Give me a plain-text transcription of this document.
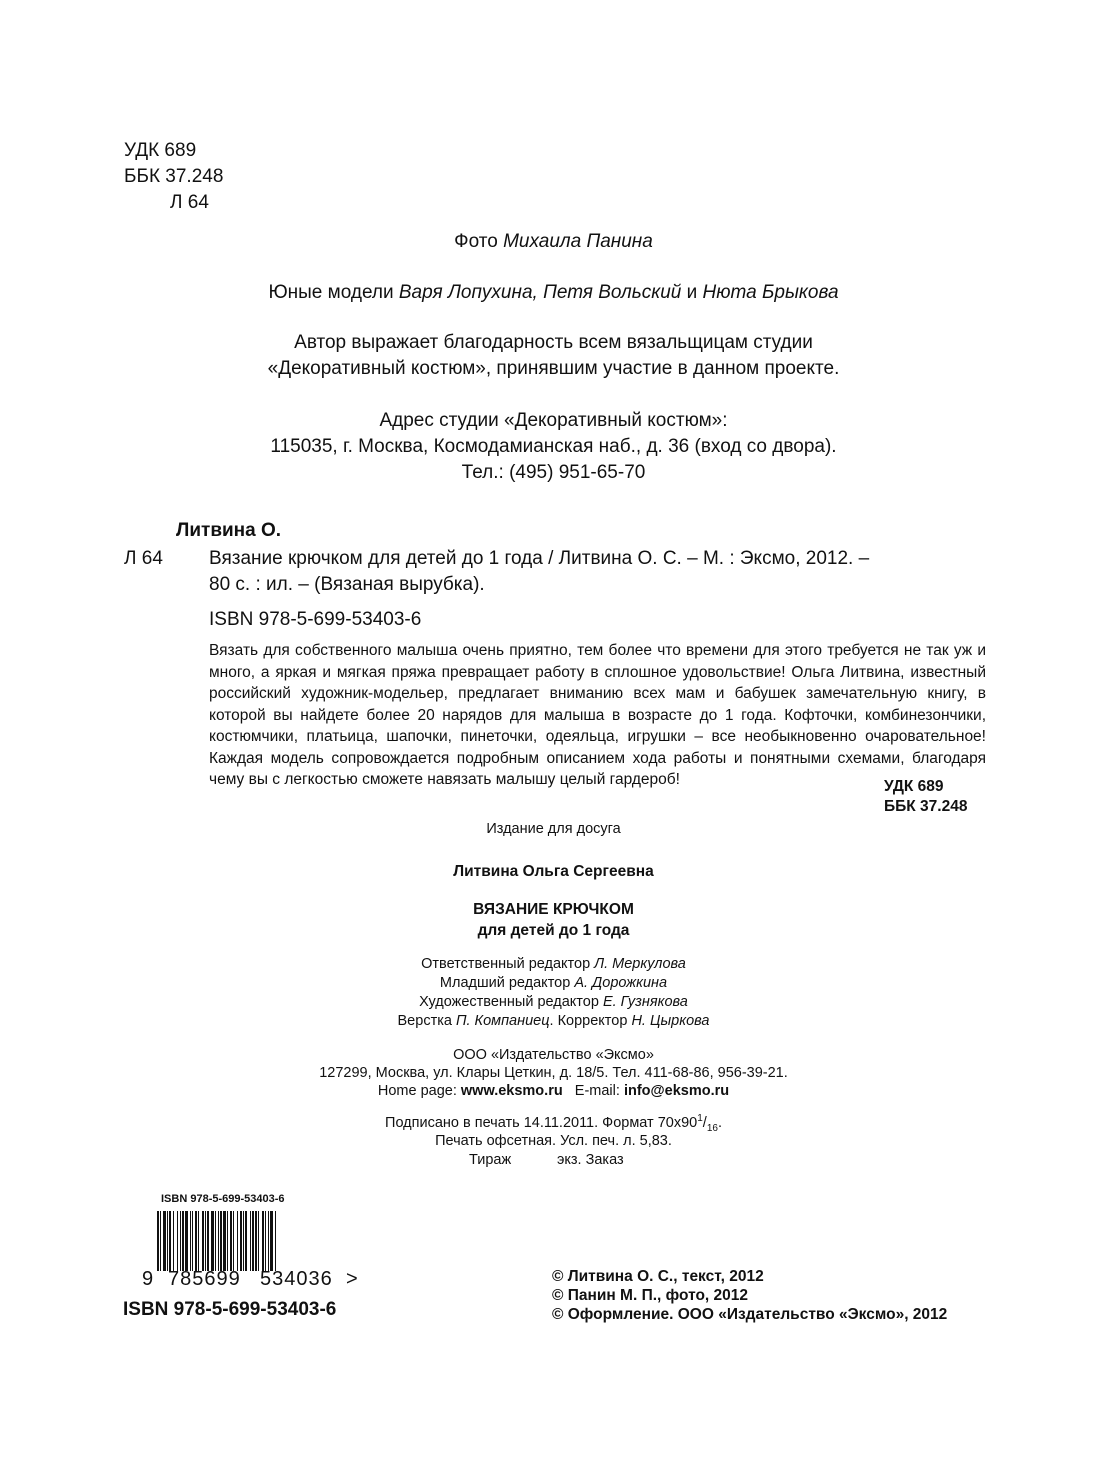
УДК 689
ББК 37.248
Л 64
Фото Михаила Панина
Юные модели Варя Лопухина, Петя Вольский и Нюта Брыкова
Автор выражает благодарность всем вязальщицам студии
«Декоративный костюм», принявшим участие в данном проекте.
Адрес студии «Декоративный костюм»:
115035, г. Москва, Космодамианская наб., д. 36 (вход со двора).
Тел.: (495) 951-65-70
Литвина О.
Л 64 Вязание крючком для детей до 1 года / Литвина О. С. – М. : Эксмо, 2012. –
80 с. : ил. – (Вязаная вырубка).
ISBN 978-5-699-53403-6
Вязать для собственного малыша очень приятно, тем более что времени для этого требуется не так уж и много, а яркая и мягкая пряжа превращает работу в сплошное удовольствие! Ольга Литвина, известный российский художник-модельер, предлагает вниманию всех мам и бабушек замечательную книгу, в которой вы найдете более 20 нарядов для малыша в возрасте до 1 года. Кофточки, комбинезончики, костюмчики, платьица, шапочки, пинеточки, одеяльца, игрушки – все необыкновенно очаровательное! Каждая модель сопровождается подробным описанием хода работы и понятными схемами, благодаря чему вы с легкостью сможете навязать малышу целый гардероб!	УДК 689
ББК 37.248
Издание для досуга
Литвина Ольга Сергеевна
ВЯЗАНИЕ КРЮЧКОМ
для детей до 1 года
Ответственный редактор Л. Меркулова
Младший редактор А. Дорожкина
Художественный редактор Е. Гузнякова
Верстка П. Компаниец. Корректор Н. Цыркова
ООО «Издательство «Эксмо»
127299, Москва, ул. Клары Цеткин, д. 18/5. Тел. 411-68-86, 956-39-21.
Home page: www.eksmo.ru   E-mail: info@eksmo.ru
Подписано в печать 14.11.2011. Формат $70x90^1/_{16}$.
Печать офсетная. Усл. печ. л. 5,83.
Тираж	экз. Заказ
ISBN 978-5-699-53403-6
9 785699 534036 >
ISBN 978-5-699-53403-6
© Литвина О. С., текст, 2012
© Панин М. П., фото, 2012
© Оформление. ООО «Издательство «Эксмо», 2012
